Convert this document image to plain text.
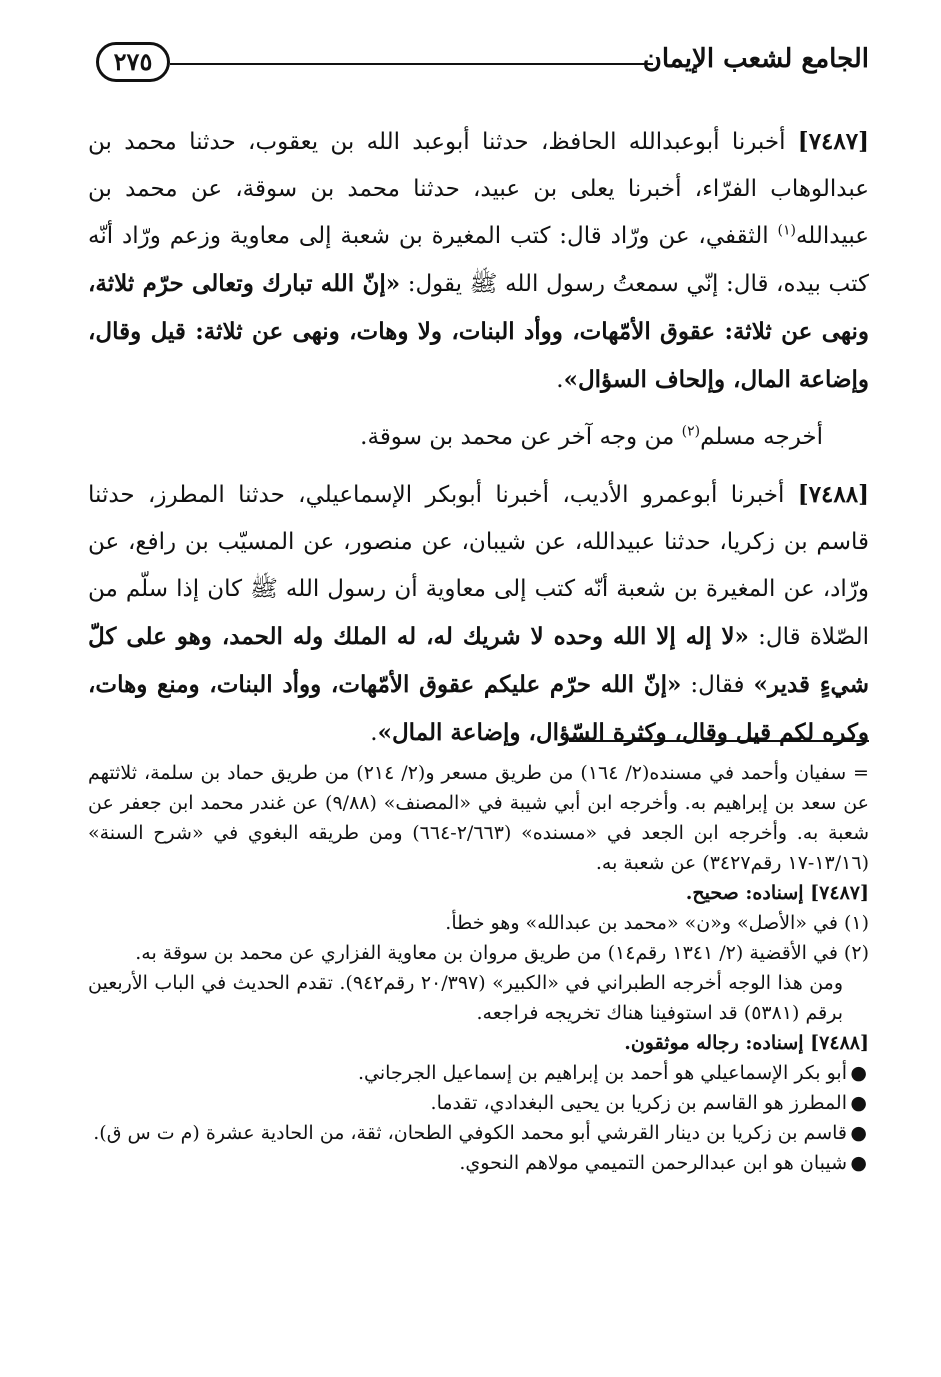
٢٧٥	الجامع لشعب الإيمان

[٧٤٨٧] أخبرنا أبوعبدالله الحافظ، حدثنا أبوعبد الله بن يعقوب، حدثنا محمد بن عبدالوهاب الفرّاء، أخبرنا يعلى بن عبيد، حدثنا محمد بن سوقة، عن محمد بن عبيدالله$^{(١)}$ الثقفي، عن ورّاد قال: كتب المغيرة بن شعبة إلى معاوية وزعم ورّاد أنّه كتب بيده، قال: إنّي سمعتُ رسول الله ﷺ يقول: «إنّ الله تبارك وتعالى حرّم ثلاثة، ونهى عن ثلاثة: عقوق الأمّهات، ووأد البنات، ولا وهات، ونهى عن ثلاثة: قيل وقال، وإضاعة المال، وإلحاف السؤال».

أخرجه مسلم$^{(٢)}$ من وجه آخر عن محمد بن سوقة.

[٧٤٨٨] أخبرنا أبوعمرو الأديب، أخبرنا أبوبكر الإسماعيلي، حدثنا المطرز، حدثنا قاسم بن زكريا، حدثنا عبيدالله، عن شيبان، عن منصور، عن المسيّب بن رافع، عن ورّاد، عن المغيرة بن شعبة أنّه كتب إلى معاوية أن رسول الله ﷺ كان إذا سلّم من الصّلاة قال: «لا إله إلا الله وحده لا شريك له، له الملك وله الحمد، وهو على كلّ شيءٍ قدير» فقال: «إنّ الله حرّم عليكم عقوق الأمّهات، ووأد البنات، ومنع وهات، وكره لكم قيل وقال، وكثرة السّؤال، وإضاعة المال».

= سفيان وأحمد في مسنده(٢/ ١٦٤) من طريق مسعر و(٢/ ٢١٤) من طريق حماد بن سلمة، ثلاثتهم عن سعد بن إبراهيم به. وأخرجه ابن أبي شيبة في «المصنف» (٩/٨٨) عن غندر محمد ابن جعفر عن شعبة به. وأخرجه ابن الجعد في «مسنده» (٢/٦٦٣-٦٦٤) ومن طريقه البغوي في «شرح السنة» (١٣/١٦-١٧ رقم٣٤٢٧) عن شعبة به.

[٧٤٨٧] إسناده: صحيح.

(١) في «الأصل» و«ن» «محمد بن عبدالله» وهو خطأ.

(٢) في الأقضية (٢/ ١٣٤١ رقم١٤) من طريق مروان بن معاوية الفزاري عن محمد بن سوقة به.

ومن هذا الوجه أخرجه الطبراني في «الكبير» (٢٠/٣٩٧ رقم٩٤٢). تقدم الحديث في الباب الأربعين برقم (٥٣٨١) قد استوفينا هناك تخريجه فراجعه.

[٧٤٨٨] إسناده: رجاله موثقون.

●
أبو بكر الإسماعيلي هو أحمد بن إبراهيم بن إسماعيل الجرجاني.
●
المطرز هو القاسم بن زكريا بن يحيى البغدادي، تقدما.
●
قاسم بن زكريا بن دينار القرشي أبو محمد الكوفي الطحان، ثقة، من الحادية عشرة (م ت س ق).
●
شيبان هو ابن عبدالرحمن التميمي مولاهم النحوي.
